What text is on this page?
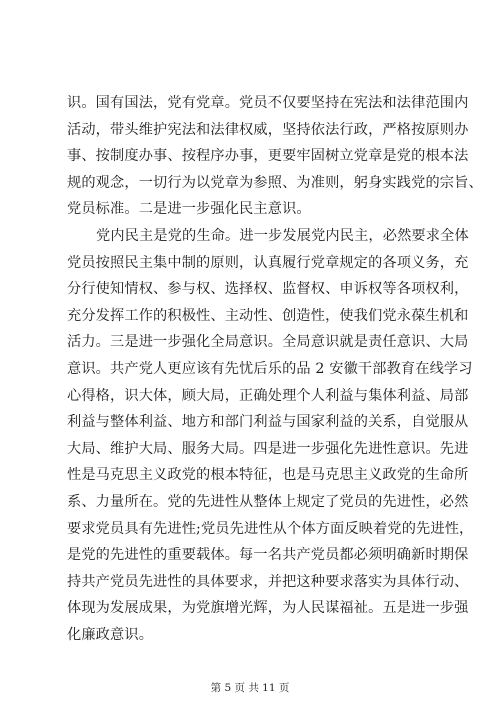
识。国有国法，党有党章。党员不仅要坚持在宪法和法律范围内
活动，带头维护宪法和法律权威，坚持依法行政，严格按原则办
事、按制度办事、按程序办事，更要牢固树立党章是党的根本法
规的观念，一切行为以党章为参照、为准则，躬身实践党的宗旨、
党员标准。二是进一步强化民主意识。
党内民主是党的生命。进一步发展党内民主，必然要求全体
党员按照民主集中制的原则，认真履行党章规定的各项义务，充
分行使知情权、参与权、选择权、监督权、申诉权等各项权利，
充分发挥工作的积极性、主动性、创造性，使我们党永葆生机和
活力。三是进一步强化全局意识。全局意识就是责任意识、大局
意识。共产党人更应该有先忧后乐的品 2 安徽干部教育在线学习
心得格，识大体，顾大局，正确处理个人利益与集体利益、局部
利益与整体利益、地方和部门利益与国家利益的关系，自觉服从
大局、维护大局、服务大局。四是进一步强化先进性意识。先进
性是马克思主义政党的根本特征，也是马克思主义政党的生命所
系、力量所在。党的先进性从整体上规定了党员的先进性，必然
要求党员具有先进性;党员先进性从个体方面反映着党的先进性，
是党的先进性的重要载体。每一名共产党员都必须明确新时期保
持共产党员先进性的具体要求，并把这种要求落实为具体行动、
体现为发展成果，为党旗增光辉，为人民谋福祉。五是进一步强
化廉政意识。
第 5 页 共 11 页
